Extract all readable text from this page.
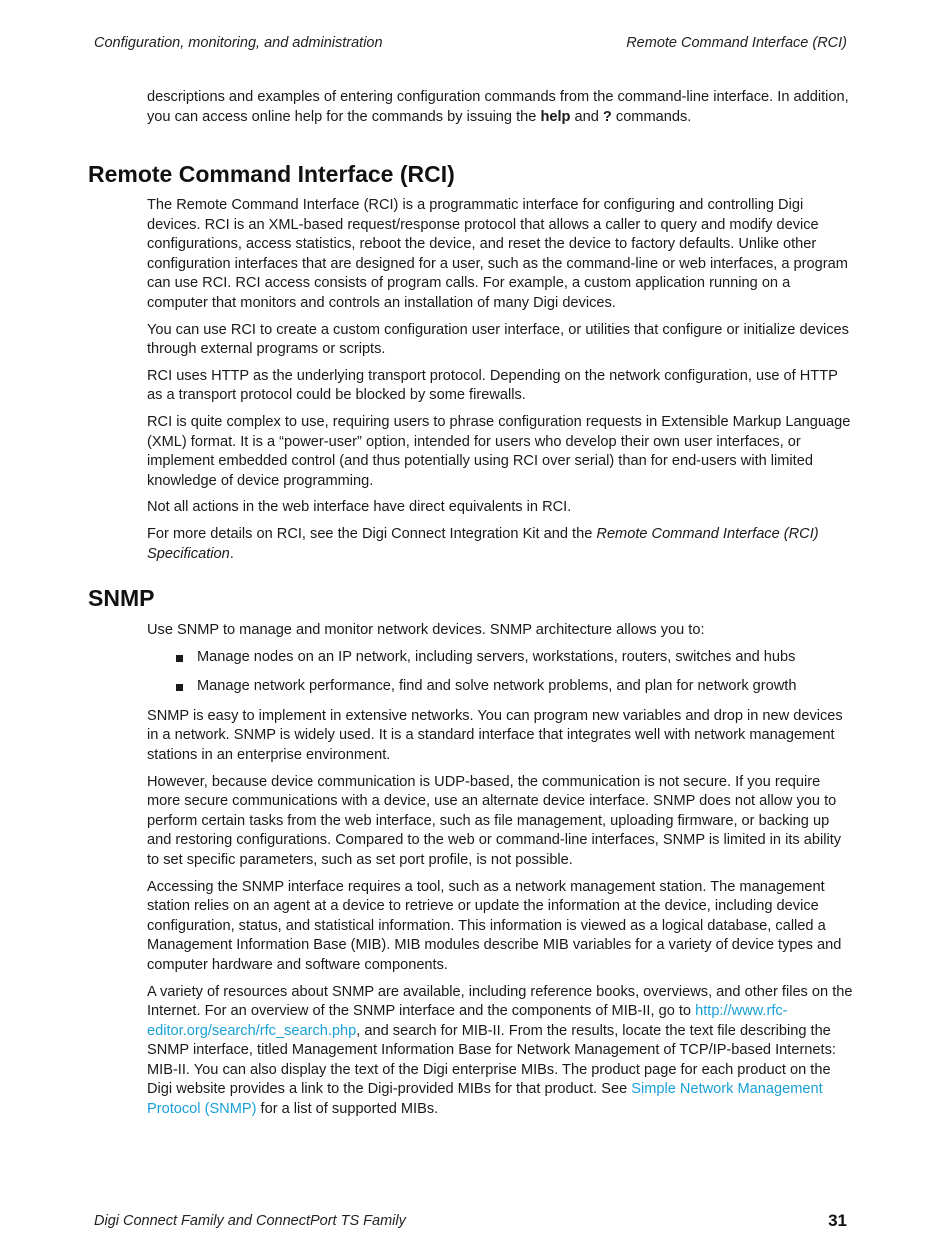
Configuration, monitoring, and administration	Remote Command Interface (RCI)

descriptions and examples of entering configuration commands from the command-line interface. In addition, you can access online help for the commands by issuing the help and ? commands.

Remote Command Interface (RCI)

The Remote Command Interface (RCI) is a programmatic interface for configuring and controlling Digi devices. RCI is an XML-based request/response protocol that allows a caller to query and modify device configurations, access statistics, reboot the device, and reset the device to factory defaults. Unlike other configuration interfaces that are designed for a user, such as the command-line or web interfaces, a program can use RCI. RCI access consists of program calls. For example, a custom application running on a computer that monitors and controls an installation of many Digi devices.

You can use RCI to create a custom configuration user interface, or utilities that configure or initialize devices through external programs or scripts.

RCI uses HTTP as the underlying transport protocol. Depending on the network configuration, use of HTTP as a transport protocol could be blocked by some firewalls.

RCI is quite complex to use, requiring users to phrase configuration requests in Extensible Markup Language (XML) format. It is a “power-user” option, intended for users who develop their own user interfaces, or implement embedded control (and thus potentially using RCI over serial) than for end-users with limited knowledge of device programming.

Not all actions in the web interface have direct equivalents in RCI.

For more details on RCI, see the Digi Connect Integration Kit and the Remote Command Interface (RCI) Specification.

SNMP

Use SNMP to manage and monitor network devices. SNMP architecture allows you to:

Manage nodes on an IP network, including servers, workstations, routers, switches and hubs
Manage network performance, find and solve network problems, and plan for network growth

SNMP is easy to implement in extensive networks. You can program new variables and drop in new devices in a network. SNMP is widely used. It is a standard interface that integrates well with network management stations in an enterprise environment.

However, because device communication is UDP-based, the communication is not secure. If you require more secure communications with a device, use an alternate device interface. SNMP does not allow you to perform certain tasks from the web interface, such as file management, uploading firmware, or backing up and restoring configurations. Compared to the web or command-line interfaces, SNMP is limited in its ability to set specific parameters, such as set port profile, is not possible.

Accessing the SNMP interface requires a tool, such as a network management station. The management station relies on an agent at a device to retrieve or update the information at the device, including device configuration, status, and statistical information. This information is viewed as a logical database, called a Management Information Base (MIB). MIB modules describe MIB variables for a variety of device types and computer hardware and software components.

A variety of resources about SNMP are available, including reference books, overviews, and other files on the Internet. For an overview of the SNMP interface and the components of MIB-II, go to http://www.rfc-editor.org/search/rfc_search.php, and search for MIB-II. From the results, locate the text file describing the SNMP interface, titled Management Information Base for Network Management of TCP/IP-based Internets: MIB-II. You can also display the text of the Digi enterprise MIBs. The product page for each product on the Digi website provides a link to the Digi-provided MIBs for that product. See Simple Network Management Protocol (SNMP) for a list of supported MIBs.

Digi Connect Family and ConnectPort TS Family	31
